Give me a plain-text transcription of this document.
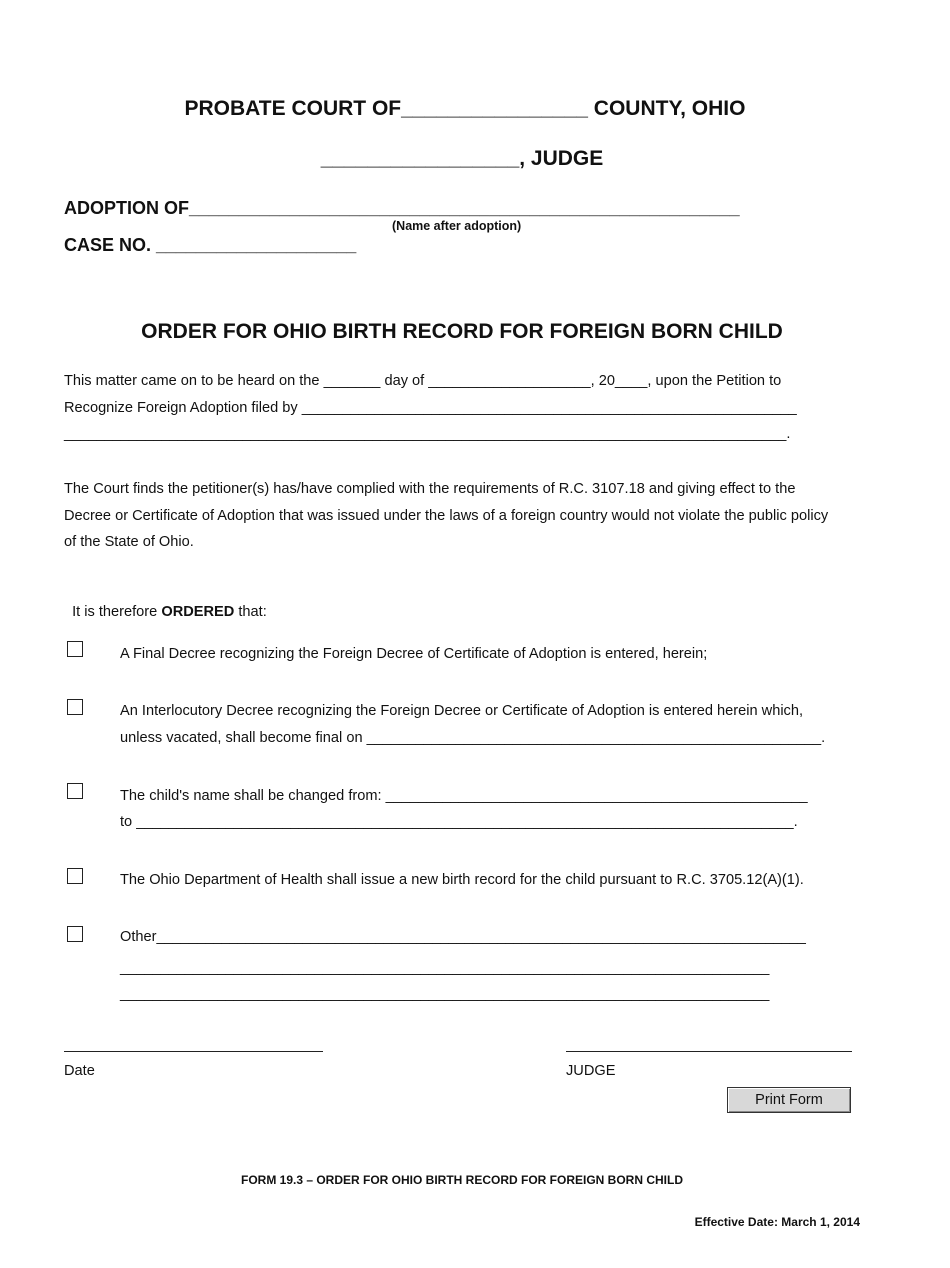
PROBATE COURT OF________________ COUNTY, OHIO
_________________, JUDGE
ADOPTION OF_______________________________________________________
(Name after adoption)
CASE NO. ____________________
ORDER FOR OHIO BIRTH RECORD FOR FOREIGN BORN CHILD
This matter came on to be heard on the _______ day of ____________________, 20____, upon the Petition to
Recognize Foreign Adoption filed by _____________________________________________________________
_________________________________________________________________________________________.
The Court finds the petitioner(s) has/have complied with the requirements of R.C. 3107.18 and giving effect to the
Decree or Certificate of Adoption that was issued under the laws of a foreign country would not violate the public policy
of the State of Ohio.

It is therefore ORDERED that:

A Final Decree recognizing the Foreign Decree of Certificate of Adoption is entered, herein;
An Interlocutory Decree recognizing the Foreign Decree or Certificate of Adoption is entered herein which,
unless vacated, shall become final on ________________________________________________________.
The child's name shall be changed from: ____________________________________________________
to _________________________________________________________________________________.
The Ohio Department of Health shall issue a new birth record for the child pursuant to R.C. 3705.12(A)(1).
Other________________________________________________________________________________
________________________________________________________________________________
________________________________________________________________________________
Date	JUDGE
Print Form
FORM 19.3 – ORDER FOR OHIO BIRTH RECORD FOR FOREIGN BORN CHILD
Effective Date: March 1, 2014
